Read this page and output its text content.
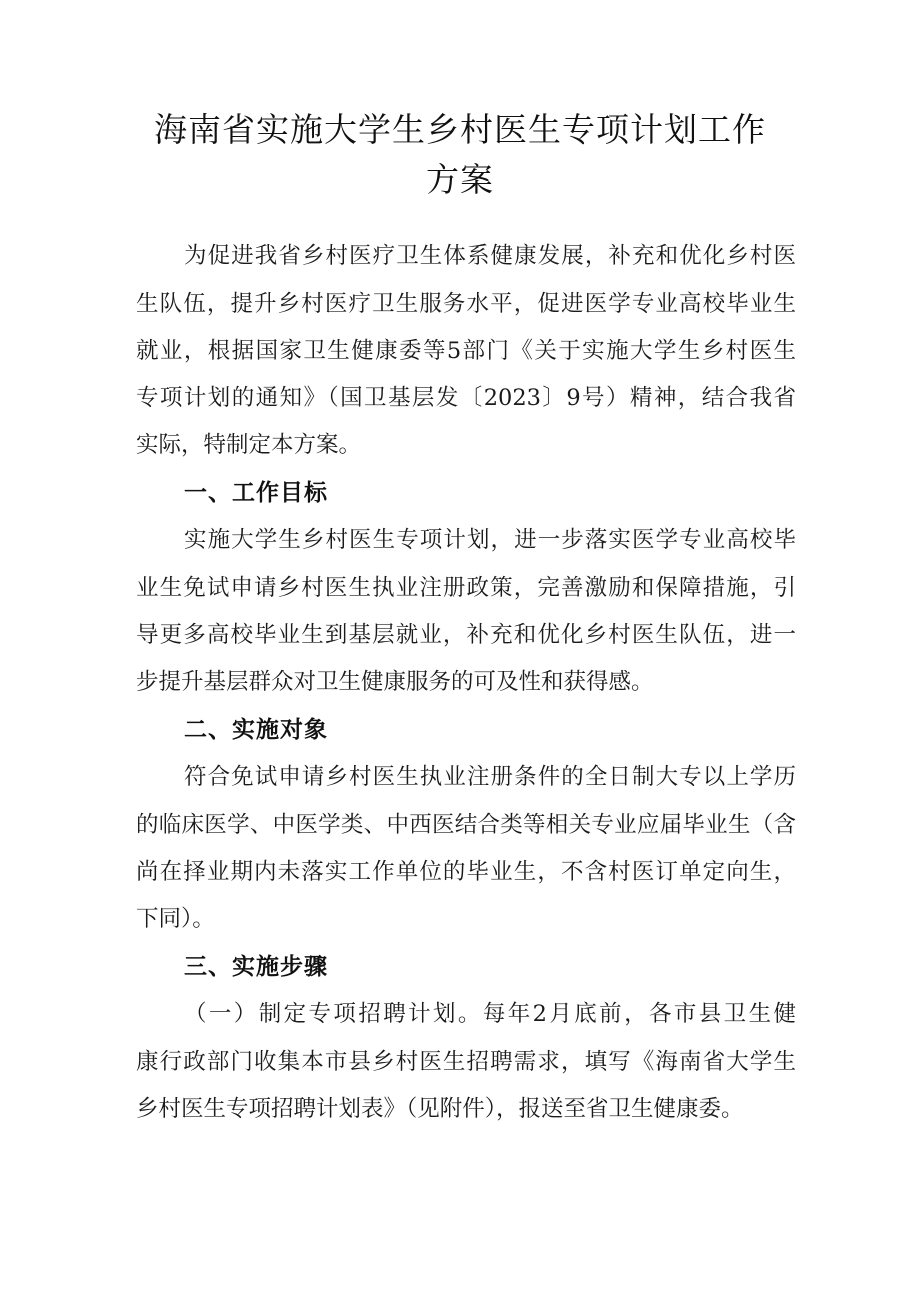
海南省实施大学生乡村医生专项计划工作
方案
为促进我省乡村医疗卫生体系健康发展，补充和优化乡村医
生队伍，提升乡村医疗卫生服务水平，促进医学专业高校毕业生
就业，根据国家卫生健康委等5部门《关于实施大学生乡村医生
专项计划的通知》（国卫基层发〔2023〕9号）精神，结合我省
实际，特制定本方案。
一、工作目标
实施大学生乡村医生专项计划，进一步落实医学专业高校毕
业生免试申请乡村医生执业注册政策，完善激励和保障措施，引
导更多高校毕业生到基层就业，补充和优化乡村医生队伍，进一
步提升基层群众对卫生健康服务的可及性和获得感。
二、实施对象
符合免试申请乡村医生执业注册条件的全日制大专以上学历
的临床医学、中医学类、中西医结合类等相关专业应届毕业生（含
尚在择业期内未落实工作单位的毕业生，不含村医订单定向生，
下同）。
三、实施步骤
（一）制定专项招聘计划。每年2月底前，各市县卫生健
康行政部门收集本市县乡村医生招聘需求，填写《海南省大学生
乡村医生专项招聘计划表》（见附件），报送至省卫生健康委。
